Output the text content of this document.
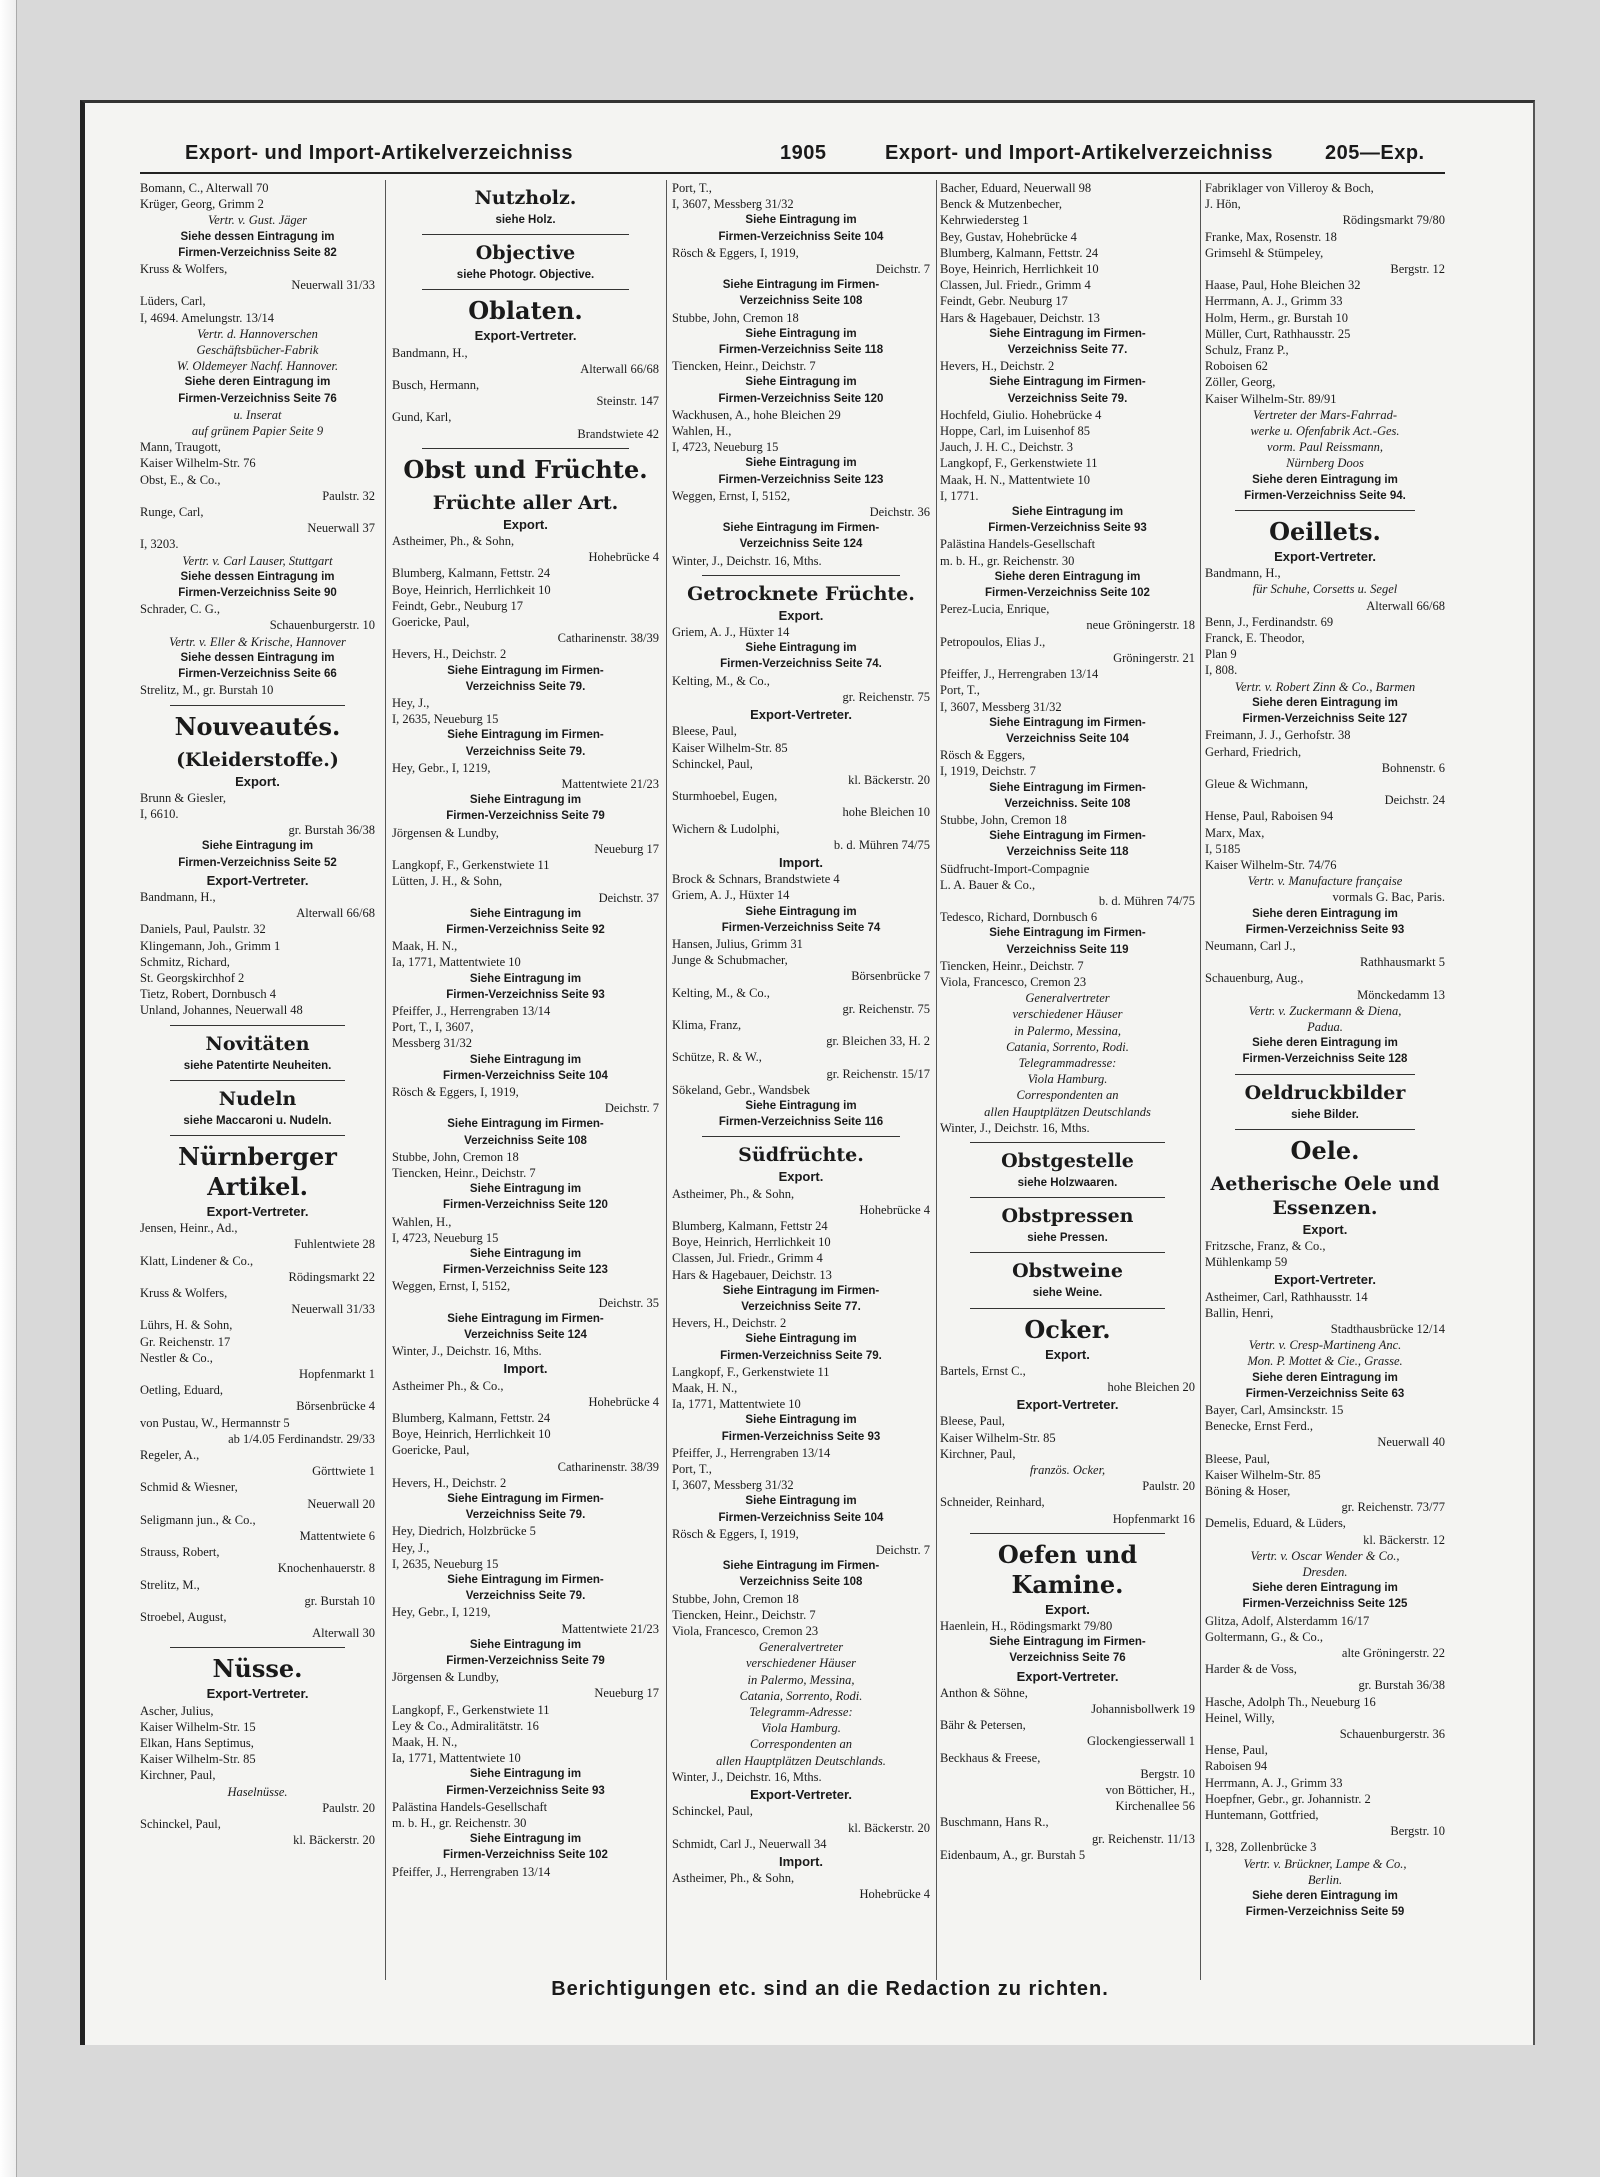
Export- und Import-Artikelverzeichniss	1905	Export- und Import-Artikelverzeichniss	205—Exp.
Bomann, C., Alterwall 70
Krüger, Georg, Grimm 2
Vertr. v. Gust. Jäger
Siehe dessen Eintragung im
Firmen-Verzeichniss Seite 82
Kruss & Wolfers,
Neuerwall 31/33
Lüders, Carl,
I, 4694. Amelungstr. 13/14
Vertr. d. Hannoverschen
Geschäftsbücher-Fabrik
W. Oldemeyer Nachf. Hannover.
Siehe deren Eintragung im
Firmen-Verzeichniss Seite 76
u. Inserat
auf grünem Papier Seite 9
Mann, Traugott,
Kaiser Wilhelm-Str. 76
Obst, E., & Co.,
Paulstr. 32
Runge, Carl,
Neuerwall 37
I, 3203.
Vertr. v. Carl Lauser, Stuttgart
Siehe dessen Eintragung im
Firmen-Verzeichniss Seite 90
Schrader, C. G.,
Schauenburgerstr. 10
Vertr. v. Eller & Krische, Hannover
Siehe dessen Eintragung im
Firmen-Verzeichniss Seite 66
Strelitz, M., gr. Burstah 10
Nouveautés.
(Kleiderstoffe.)
Export.
Brunn & Giesler,
I, 6610.
gr. Burstah 36/38
Siehe Eintragung im
Firmen-Verzeichniss Seite 52
Export-Vertreter.
Bandmann, H.,
Alterwall 66/68
Daniels, Paul, Paulstr. 32
Klingemann, Joh., Grimm 1
Schmitz, Richard,
St. Georgskirchhof 2
Tietz, Robert, Dornbusch 4
Unland, Johannes, Neuerwall 48
Novitäten
siehe Patentirte Neuheiten.
Nudeln
siehe Maccaroni u. Nudeln.
Nürnberger Artikel.
Export-Vertreter.
Jensen, Heinr., Ad.,
Fuhlentwiete 28
Klatt, Lindener & Co.,
Rödingsmarkt 22
Kruss & Wolfers,
Neuerwall 31/33
Lührs, H. & Sohn,
Gr. Reichenstr. 17
Nestler & Co.,
Hopfenmarkt 1
Oetling, Eduard,
Börsenbrücke 4
von Pustau, W., Hermannstr 5
ab 1/4.05 Ferdinandstr. 29/33
Regeler, A.,
Görttwiete 1
Schmid & Wiesner,
Neuerwall 20
Seligmann jun., & Co.,
Mattentwiete 6
Strauss, Robert,
Knochenhauerstr. 8
Strelitz, M.,
gr. Burstah 10
Stroebel, August,
Alterwall 30
Nüsse.
Export-Vertreter.
Ascher, Julius,
Kaiser Wilhelm-Str. 15
Elkan, Hans Septimus,
Kaiser Wilhelm-Str. 85
Kirchner, Paul,
Haselnüsse.
Paulstr. 20
Schinckel, Paul,
kl. Bäckerstr. 20
Nutzholz.
siehe Holz.
Objective
siehe Photogr. Objective.
Oblaten.
Export-Vertreter.
Bandmann, H.,
Alterwall 66/68
Busch, Hermann,
Steinstr. 147
Gund, Karl,
Brandstwiete 42
Obst und Früchte.
Früchte aller Art.
Export.
Astheimer, Ph., & Sohn,
Hohebrücke 4
Blumberg, Kalmann, Fettstr. 24
Boye, Heinrich, Herrlichkeit 10
Feindt, Gebr., Neuburg 17
Goericke, Paul,
Catharinenstr. 38/39
Hevers, H., Deichstr. 2
Siehe Eintragung im Firmen-
Verzeichniss Seite 79.
Hey, J.,
I, 2635, Neueburg 15
Siehe Eintragung im Firmen-
Verzeichniss Seite 79.
Hey, Gebr., I, 1219,
Mattentwiete 21/23
Siehe Eintragung im
Firmen-Verzeichniss Seite 79
Jörgensen & Lundby,
Neueburg 17
Langkopf, F., Gerkenstwiete 11
Lütten, J. H., & Sohn,
Deichstr. 37
Siehe Eintragung im
Firmen-Verzeichniss Seite 92
Maak, H. N.,
Ia, 1771, Mattentwiete 10
Siehe Eintragung im
Firmen-Verzeichniss Seite 93
Pfeiffer, J., Herrengraben 13/14
Port, T., I, 3607,
Messberg 31/32
Siehe Eintragung im
Firmen-Verzeichniss Seite 104
Rösch & Eggers, I, 1919,
Deichstr. 7
Siehe Eintragung im Firmen-
Verzeichniss Seite 108
Stubbe, John, Cremon 18
Tiencken, Heinr., Deichstr. 7
Siehe Eintragung im
Firmen-Verzeichniss Seite 120
Wahlen, H.,
I, 4723, Neueburg 15
Siehe Eintragung im
Firmen-Verzeichniss Seite 123
Weggen, Ernst, I, 5152,
Deichstr. 35
Siehe Eintragung im Firmen-
Verzeichniss Seite 124
Winter, J., Deichstr. 16, Mths.
Import.
Astheimer Ph., & Co.,
Hohebrücke 4
Blumberg, Kalmann, Fettstr. 24
Boye, Heinrich, Herrlichkeit 10
Goericke, Paul,
Catharinenstr. 38/39
Hevers, H., Deichstr. 2
Siehe Eintragung im Firmen-
Verzeichniss Seite 79.
Hey, Diedrich, Holzbrücke 5
Hey, J.,
I, 2635, Neueburg 15
Siehe Eintragung im Firmen-
Verzeichniss Seite 79.
Hey, Gebr., I, 1219,
Mattentwiete 21/23
Siehe Eintragung im
Firmen-Verzeichniss Seite 79
Jörgensen & Lundby,
Neueburg 17
Langkopf, F., Gerkenstwiete 11
Ley & Co., Admiralitätstr. 16
Maak, H. N.,
Ia, 1771, Mattentwiete 10
Siehe Eintragung im
Firmen-Verzeichniss Seite 93
Palästina Handels-Gesellschaft
m. b. H., gr. Reichenstr. 30
Siehe Eintragung im
Firmen-Verzeichniss Seite 102
Pfeiffer, J., Herrengraben 13/14
Port, T.,
I, 3607, Messberg 31/32
Siehe Eintragung im
Firmen-Verzeichniss Seite 104
Rösch & Eggers, I, 1919,
Deichstr. 7
Siehe Eintragung im Firmen-
Verzeichniss Seite 108
Stubbe, John, Cremon 18
Siehe Eintragung im
Firmen-Verzeichniss Seite 118
Tiencken, Heinr., Deichstr. 7
Siehe Eintragung im
Firmen-Verzeichniss Seite 120
Wackhusen, A., hohe Bleichen 29
Wahlen, H.,
I, 4723, Neueburg 15
Siehe Eintragung im
Firmen-Verzeichniss Seite 123
Weggen, Ernst, I, 5152,
Deichstr. 36
Siehe Eintragung im Firmen-
Verzeichniss Seite 124
Winter, J., Deichstr. 16, Mths.
Getrocknete Früchte.
Export.
Griem, A. J., Hüxter 14
Siehe Eintragung im
Firmen-Verzeichniss Seite 74.
Kelting, M., & Co.,
gr. Reichenstr. 75
Export-Vertreter.
Bleese, Paul,
Kaiser Wilhelm-Str. 85
Schinckel, Paul,
kl. Bäckerstr. 20
Sturmhoebel, Eugen,
hohe Bleichen 10
Wichern & Ludolphi,
b. d. Mühren 74/75
Import.
Brock & Schnars, Brandstwiete 4
Griem, A. J., Hüxter 14
Siehe Eintragung im
Firmen-Verzeichniss Seite 74
Hansen, Julius, Grimm 31
Junge & Schubmacher,
Börsenbrücke 7
Kelting, M., & Co.,
gr. Reichenstr. 75
Klima, Franz,
gr. Bleichen 33, H. 2
Schütze, R. & W.,
gr. Reichenstr. 15/17
Sökeland, Gebr., Wandsbek
Siehe Eintragung im
Firmen-Verzeichniss Seite 116
Südfrüchte.
Export.
Astheimer, Ph., & Sohn,
Hohebrücke 4
Blumberg, Kalmann, Fettstr 24
Boye, Heinrich, Herrlichkeit 10
Classen, Jul. Friedr., Grimm 4
Hars & Hagebauer, Deichstr. 13
Siehe Eintragung im Firmen-
Verzeichniss Seite 77.
Hevers, H., Deichstr. 2
Siehe Eintragung im
Firmen-Verzeichniss Seite 79.
Langkopf, F., Gerkenstwiete 11
Maak, H. N.,
Ia, 1771, Mattentwiete 10
Siehe Eintragung im
Firmen-Verzeichniss Seite 93
Pfeiffer, J., Herrengraben 13/14
Port, T.,
I, 3607, Messberg 31/32
Siehe Eintragung im
Firmen-Verzeichniss Seite 104
Rösch & Eggers, I, 1919,
Deichstr. 7
Siehe Eintragung im Firmen-
Verzeichniss Seite 108
Stubbe, John, Cremon 18
Tiencken, Heinr., Deichstr. 7
Viola, Francesco, Cremon 23
Generalvertreter
verschiedener Häuser
in Palermo, Messina,
Catania, Sorrento, Rodi.
Telegramm-Adresse:
Viola Hamburg.
Correspondenten an
allen Hauptplätzen Deutschlands.
Winter, J., Deichstr. 16, Mths.
Export-Vertreter.
Schinckel, Paul,
kl. Bäckerstr. 20
Schmidt, Carl J., Neuerwall 34
Import.
Astheimer, Ph., & Sohn,
Hohebrücke 4
Bacher, Eduard, Neuerwall 98
Benck & Mutzenbecher,
Kehrwiedersteg 1
Bey, Gustav, Hohebrücke 4
Blumberg, Kalmann, Fettstr. 24
Boye, Heinrich, Herrlichkeit 10
Classen, Jul. Friedr., Grimm 4
Feindt, Gebr. Neuburg 17
Hars & Hagebauer, Deichstr. 13
Siehe Eintragung im Firmen-
Verzeichniss Seite 77.
Hevers, H., Deichstr. 2
Siehe Eintragung im Firmen-
Verzeichniss Seite 79.
Hochfeld, Giulio. Hohebrücke 4
Hoppe, Carl, im Luisenhof 85
Jauch, J. H. C., Deichstr. 3
Langkopf, F., Gerkenstwiete 11
Maak, H. N., Mattentwiete 10
I, 1771.
Siehe Eintragung im
Firmen-Verzeichniss Seite 93
Palästina Handels-Gesellschaft
m. b. H., gr. Reichenstr. 30
Siehe deren Eintragung im
Firmen-Verzeichniss Seite 102
Perez-Lucia, Enrique,
neue Gröningerstr. 18
Petropoulos, Elias J.,
Gröningerstr. 21
Pfeiffer, J., Herrengraben 13/14
Port, T.,
I, 3607, Messberg 31/32
Siehe Eintragung im Firmen-
Verzeichniss Seite 104
Rösch & Eggers,
I, 1919, Deichstr. 7
Siehe Eintragung im Firmen-
Verzeichniss. Seite 108
Stubbe, John, Cremon 18
Siehe Eintragung im Firmen-
Verzeichniss Seite 118
Südfrucht-Import-Compagnie
L. A. Bauer & Co.,
b. d. Mühren 74/75
Tedesco, Richard, Dornbusch 6
Siehe Eintragung im Firmen-
Verzeichniss Seite 119
Tiencken, Heinr., Deichstr. 7
Viola, Francesco, Cremon 23
Generalvertreter
verschiedener Häuser
in Palermo, Messina,
Catania, Sorrento, Rodi.
Telegrammadresse:
Viola Hamburg.
Correspondenten an
allen Hauptplätzen Deutschlands
Winter, J., Deichstr. 16, Mths.
Obstgestelle
siehe Holzwaaren.
Obstpressen
siehe Pressen.
Obstweine
siehe Weine.
Ocker.
Export.
Bartels, Ernst C.,
hohe Bleichen 20
Export-Vertreter.
Bleese, Paul,
Kaiser Wilhelm-Str. 85
Kirchner, Paul,
französ. Ocker,
Paulstr. 20
Schneider, Reinhard,
Hopfenmarkt 16
Oefen und Kamine.
Export.
Haenlein, H., Rödingsmarkt 79/80
Siehe Eintragung im Firmen-
Verzeichniss Seite 76
Export-Vertreter.
Anthon & Söhne,
Johannisbollwerk 19
Bähr & Petersen,
Glockengiesserwall 1
Beckhaus & Freese,
Bergstr. 10
von Bötticher, H.,
Kirchenallee 56
Buschmann, Hans R.,
gr. Reichenstr. 11/13
Eidenbaum, A., gr. Burstah 5
Fabriklager von Villeroy & Boch,
J. Hön,
Rödingsmarkt 79/80
Franke, Max, Rosenstr. 18
Grimsehl & Stümpeley,
Bergstr. 12
Haase, Paul, Hohe Bleichen 32
Herrmann, A. J., Grimm 33
Holm, Herm., gr. Burstah 10
Müller, Curt, Rathhausstr. 25
Schulz, Franz P.,
Roboisen 62
Zöller, Georg,
Kaiser Wilhelm-Str. 89/91
Vertreter der Mars-Fahrrad-
werke u. Ofenfabrik Act.-Ges.
vorm. Paul Reissmann,
Nürnberg Doos
Siehe deren Eintragung im
Firmen-Verzeichniss Seite 94.
Oeillets.
Export-Vertreter.
Bandmann, H.,
für Schuhe, Corsetts u. Segel
Alterwall 66/68
Benn, J., Ferdinandstr. 69
Franck, E. Theodor,
Plan 9
I, 808.
Vertr. v. Robert Zinn & Co., Barmen
Siehe deren Eintragung im
Firmen-Verzeichniss Seite 127
Freimann, J. J., Gerhofstr. 38
Gerhard, Friedrich,
Bohnenstr. 6
Gleue & Wichmann,
Deichstr. 24
Hense, Paul, Raboisen 94
Marx, Max,
I, 5185
Kaiser Wilhelm-Str. 74/76
Vertr. v. Manufacture française
vormals G. Bac, Paris.
Siehe deren Eintragung im
Firmen-Verzeichniss Seite 93
Neumann, Carl J.,
Rathhausmarkt 5
Schauenburg, Aug.,
Mönckedamm 13
Vertr. v. Zuckermann & Diena,
Padua.
Siehe deren Eintragung im
Firmen-Verzeichniss Seite 128
Oeldruckbilder
siehe Bilder.
Oele.
Aetherische Oele und Essenzen.
Export.
Fritzsche, Franz, & Co.,
Mühlenkamp 59
Export-Vertreter.
Astheimer, Carl, Rathhausstr. 14
Ballin, Henri,
Stadthausbrücke 12/14
Vertr. v. Cresp-Martineng Anc.
Mon. P. Mottet & Cie., Grasse.
Siehe deren Eintragung im
Firmen-Verzeichniss Seite 63
Bayer, Carl, Amsinckstr. 15
Benecke, Ernst Ferd.,
Neuerwall 40
Bleese, Paul,
Kaiser Wilhelm-Str. 85
Böning & Hoser,
gr. Reichenstr. 73/77
Demelis, Eduard, & Lüders,
kl. Bäckerstr. 12
Vertr. v. Oscar Wender & Co.,
Dresden.
Siehe deren Eintragung im
Firmen-Verzeichniss Seite 125
Glitza, Adolf, Alsterdamm 16/17
Goltermann, G., & Co.,
alte Gröningerstr. 22
Harder & de Voss,
gr. Burstah 36/38
Hasche, Adolph Th., Neueburg 16
Heinel, Willy,
Schauenburgerstr. 36
Hense, Paul,
Raboisen 94
Herrmann, A. J., Grimm 33
Hoepfner, Gebr., gr. Johannistr. 2
Huntemann, Gottfried,
Bergstr. 10
I, 328, Zollenbrücke 3
Vertr. v. Brückner, Lampe & Co.,
Berlin.
Siehe deren Eintragung im
Firmen-Verzeichniss Seite 59
Berichtigungen etc. sind an die Redaction zu richten.
